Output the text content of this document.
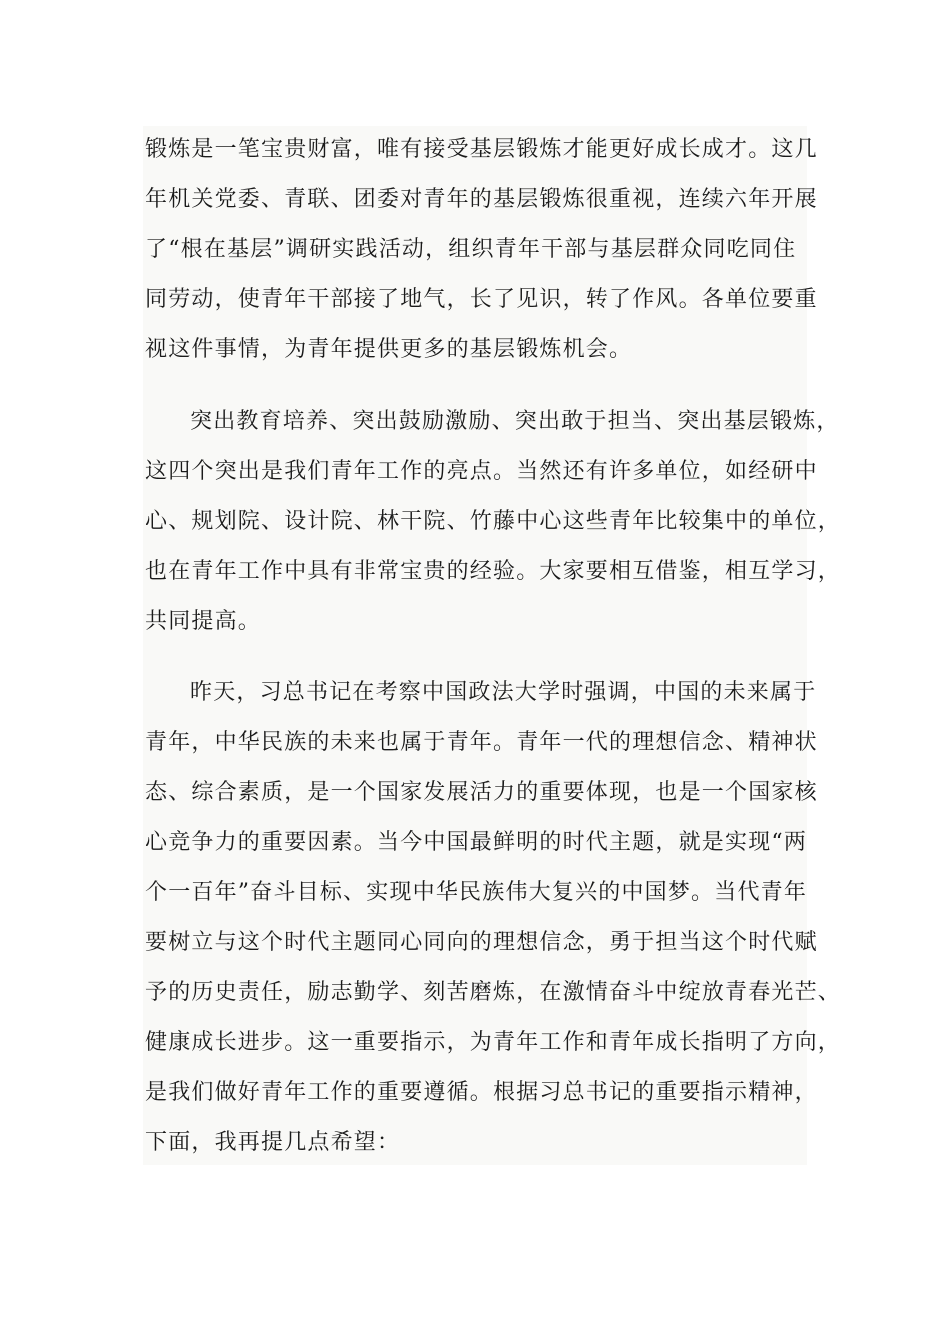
锻炼是一笔宝贵财富，唯有接受基层锻炼才能更好成长成才。这几
年机关党委、青联、团委对青年的基层锻炼很重视，连续六年开展
了“根在基层”调研实践活动，组织青年干部与基层群众同吃同住
同劳动，使青年干部接了地气，长了见识，转了作风。各单位要重
视这件事情，为青年提供更多的基层锻炼机会。
突出教育培养、突出鼓励激励、突出敢于担当、突出基层锻炼，
这四个突出是我们青年工作的亮点。当然还有许多单位，如经研中
心、规划院、设计院、林干院、竹藤中心这些青年比较集中的单位，
也在青年工作中具有非常宝贵的经验。大家要相互借鉴，相互学习，
共同提高。
昨天，习总书记在考察中国政法大学时强调，中国的未来属于
青年，中华民族的未来也属于青年。青年一代的理想信念、精神状
态、综合素质，是一个国家发展活力的重要体现，也是一个国家核
心竞争力的重要因素。当今中国最鲜明的时代主题，就是实现“两
个一百年”奋斗目标、实现中华民族伟大复兴的中国梦。当代青年
要树立与这个时代主题同心同向的理想信念，勇于担当这个时代赋
予的历史责任，励志勤学、刻苦磨炼，在激情奋斗中绽放青春光芒、
健康成长进步。这一重要指示，为青年工作和青年成长指明了方向，
是我们做好青年工作的重要遵循。根据习总书记的重要指示精神，
下面，我再提几点希望：
